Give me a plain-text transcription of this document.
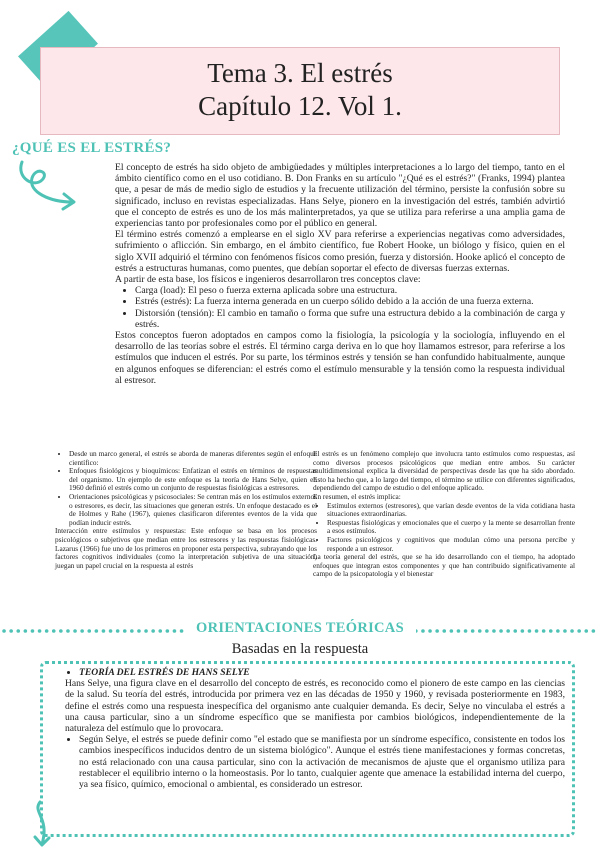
Tema 3. El estrés
Capítulo 12. Vol 1.
¿QUÉ ES EL ESTRÉS?

El concepto de estrés ha sido objeto de ambigüedades y múltiples interpretaciones a lo largo del tiempo, tanto en el ámbito científico como en el uso cotidiano. B. Don Franks en su artículo "¿Qué es el estrés?" (Franks, 1994) plantea que, a pesar de más de medio siglo de estudios y la frecuente utilización del término, persiste la confusión sobre su significado, incluso en revistas especializadas. Hans Selye, pionero en la investigación del estrés, también advirtió que el concepto de estrés es uno de los más malinterpretados, ya que se utiliza para referirse a una amplia gama de experiencias tanto por profesionales como por el público en general.

El término estrés comenzó a emplearse en el siglo XV para referirse a experiencias negativas como adversidades, sufrimiento o aflicción. Sin embargo, en el ámbito científico, fue Robert Hooke, un biólogo y físico, quien en el siglo XVII adquirió el término con fenómenos físicos como presión, fuerza y distorsión. Hooke aplicó el concepto de estrés a estructuras humanas, como puentes, que debían soportar el efecto de diversas fuerzas externas.

A partir de esta base, los físicos e ingenieros desarrollaron tres conceptos clave:

• Carga (load): El peso o fuerza externa aplicada sobre una estructura.
• Estrés (estrés): La fuerza interna generada en un cuerpo sólido debido a la acción de una fuerza externa.
• Distorsión (tensión): El cambio en tamaño o forma que sufre una estructura debido a la combinación de carga y estrés.

Estos conceptos fueron adoptados en campos como la fisiología, la psicología y la sociología, influyendo en el desarrollo de las teorías sobre el estrés. El término carga deriva en lo que hoy llamamos estresor, para referirse a los estímulos que inducen el estrés. Por su parte, los términos estrés y tensión se han confundido habitualmente, aunque en algunos enfoques se diferencian: el estrés como el estímulo mensurable y la tensión como la respuesta individual al estresor.

• Desde un marco general, el estrés se aborda de maneras diferentes según el enfoque científico:
• Enfoques fisiológicos y bioquímicos: Enfatizan el estrés en términos de respuestas del organismo. Un ejemplo de este enfoque es la teoría de Hans Selye, quien en 1960 definió el estrés como un conjunto de respuestas fisiológicas a estresores.
• Orientaciones psicológicas y psicosociales: Se centran más en los estímulos externos o estresores, es decir, las situaciones que generan estrés. Un enfoque destacado es el de Holmes y Rahe (1967), quienes clasificaron diferentes eventos de la vida que podían inducir estrés.

Interacción entre estímulos y respuestas: Este enfoque se basa en los procesos psicológicos o subjetivos que median entre los estresores y las respuestas fisiológicas. Lazarus (1966) fue uno de los primeros en proponer esta perspectiva, subrayando que los factores cognitivos individuales (como la interpretación subjetiva de una situación) juegan un papel crucial en la respuesta al estrés

El estrés es un fenómeno complejo que involucra tanto estímulos como respuestas, así como diversos procesos psicológicos que median entre ambos. Su carácter multidimensional explica la diversidad de perspectivas desde las que ha sido abordado. Esto ha hecho que, a lo largo del tiempo, el término se utilice con diferentes significados, dependiendo del campo de estudio o del enfoque aplicado.

En resumen, el estrés implica:

• Estímulos externos (estresores), que varían desde eventos de la vida cotidiana hasta situaciones extraordinarias.
• Respuestas fisiológicas y emocionales que el cuerpo y la mente se desarrollan frente a esos estímulos.
• Factores psicológicos y cognitivos que modulan cómo una persona percibe y responde a un estresor.

La teoría general del estrés, que se ha ido desarrollando con el tiempo, ha adoptado enfoques que integran estos componentes y que han contribuido significativamente al campo de la psicopatología y el bienestar

ORIENTACIONES TEÓRICAS
Basadas en la respuesta
• TEORÍA DEL ESTRÉS DE HANS SELYE

Hans Selye, una figura clave en el desarrollo del concepto de estrés, es reconocido como el pionero de este campo en las ciencias de la salud. Su teoría del estrés, introducida por primera vez en las décadas de 1950 y 1960, y revisada posteriormente en 1983, define el estrés como una respuesta inespecífica del organismo ante cualquier demanda. Es decir, Selye no vinculaba el estrés a una causa particular, sino a un síndrome específico que se manifiesta por cambios biológicos, independientemente de la naturaleza del estímulo que lo provocara.

• Según Selye, el estrés se puede definir como "el estado que se manifiesta por un síndrome específico, consistente en todos los cambios inespecíficos inducidos dentro de un sistema biológico". Aunque el estrés tiene manifestaciones y formas concretas, no está relacionado con una causa particular, sino con la activación de mecanismos de ajuste que el organismo utiliza para restablecer el equilibrio interno o la homeostasis. Por lo tanto, cualquier agente que amenace la estabilidad interna del cuerpo, ya sea físico, químico, emocional o ambiental, es considerado un estresor.
